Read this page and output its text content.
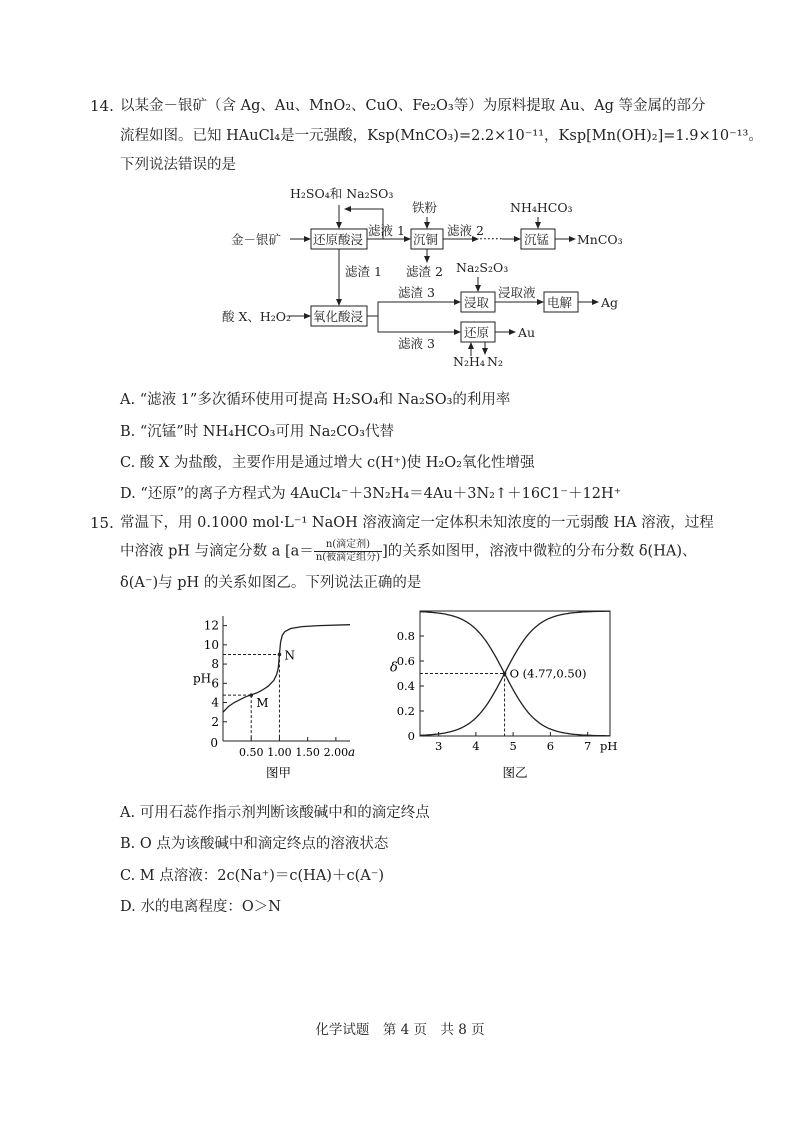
14. 以某金－银矿（含 Ag、Au、MnO₂、CuO、Fe₂O₃等）为原料提取 Au、Ag 等金属的部分
流程如图。已知 HAuCl₄是一元强酸，Ksp(MnCO₃)=2.2×10⁻¹¹，Ksp[Mn(OH)₂]=1.9×10⁻¹³。
下列说法错误的是
H₂SO₄和 Na₂SO₃
铁粉	NH₄HCO₃
金－银矿	还原酸浸
滤液 1
沉铜
滤液 2
······ 沉锰 MnCO₃
滤渣 2
滤渣 1	Na₂S₂O₃
酸 X、H₂O₂ 氧化酸浸
滤渣 3
浸取
浸取液
电解 Ag
还原 Au
滤液 3
N₂H₄ N₂
A. “滤液 1”多次循环使用可提高 H₂SO₄和 Na₂SO₃的利用率
B. “沉锰”时 NH₄HCO₃可用 Na₂CO₃代替
C. 酸 X 为盐酸，主要作用是通过增大 c(H⁺)使 H₂O₂氧化性增强
D. “还原”的离子方程式为 4AuCl₄⁻＋3N₂H₄＝4Au＋3N₂↑＋16C1⁻＋12H⁺
15. 常温下，用 0.1000 mol·L⁻¹ NaOH 溶液滴定一定体积未知浓度的一元弱酸 HA 溶液，过程
中溶液 pH 与滴定分数 a [$a= \frac{\text{n(滴定剂)}}{\text{n(被滴定组分)}}$ ]的关系如图甲，溶液中微粒的分布分数 δ(HA)、
δ(A⁻)与 pH 的关系如图乙。下列说法正确的是
2
4
6
8
10
12
0
0.50 1.00 1.50 2.00 a
pH
M
N
图甲
0
0.2
0.4
0.6
0.8
3	4	5	6	7 pH
δ	O (4.77,0.50)
图乙
A. 可用石蕊作指示剂判断该酸碱中和的滴定终点
B. O 点为该酸碱中和滴定终点的溶液状态
C. M 点溶液：2c(Na⁺)＝c(HA)＋c(A⁻)
D. 水的电离程度：O＞N
化学试题　第 4 页　共 8 页
